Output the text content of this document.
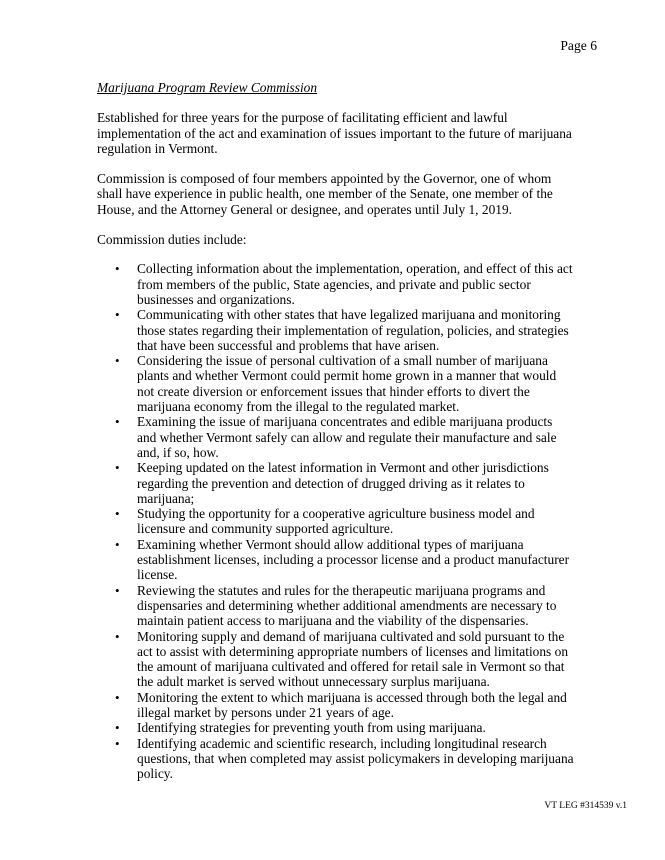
Page 6

Marijuana Program Review Commission

Established for three years for the purpose of facilitating efficient and lawful implementation of the act and examination of issues important to the future of marijuana regulation in Vermont.

Commission is composed of four members appointed by the Governor, one of whom shall have experience in public health, one member of the Senate, one member of the House, and the Attorney General or designee, and operates until July 1, 2019.

Commission duties include:

• Collecting information about the implementation, operation, and effect of this act from members of the public, State agencies, and private and public sector businesses and organizations.
• Communicating with other states that have legalized marijuana and monitoring those states regarding their implementation of regulation, policies, and strategies that have been successful and problems that have arisen.
• Considering the issue of personal cultivation of a small number of marijuana plants and whether Vermont could permit home grown in a manner that would not create diversion or enforcement issues that hinder efforts to divert the marijuana economy from the illegal to the regulated market.
• Examining the issue of marijuana concentrates and edible marijuana products and whether Vermont safely can allow and regulate their manufacture and sale and, if so, how.
• Keeping updated on the latest information in Vermont and other jurisdictions regarding the prevention and detection of drugged driving as it relates to marijuana;
• Studying the opportunity for a cooperative agriculture business model and licensure and community supported agriculture.
• Examining whether Vermont should allow additional types of marijuana establishment licenses, including a processor license and a product manufacturer license.
• Reviewing the statutes and rules for the therapeutic marijuana programs and dispensaries and determining whether additional amendments are necessary to maintain patient access to marijuana and the viability of the dispensaries.
• Monitoring supply and demand of marijuana cultivated and sold pursuant to the act to assist with determining appropriate numbers of licenses and limitations on the amount of marijuana cultivated and offered for retail sale in Vermont so that the adult market is served without unnecessary surplus marijuana.
• Monitoring the extent to which marijuana is accessed through both the legal and illegal market by persons under 21 years of age.
• Identifying strategies for preventing youth from using marijuana.
• Identifying academic and scientific research, including longitudinal research questions, that when completed may assist policymakers in developing marijuana policy.
VT LEG #314539 v.1
